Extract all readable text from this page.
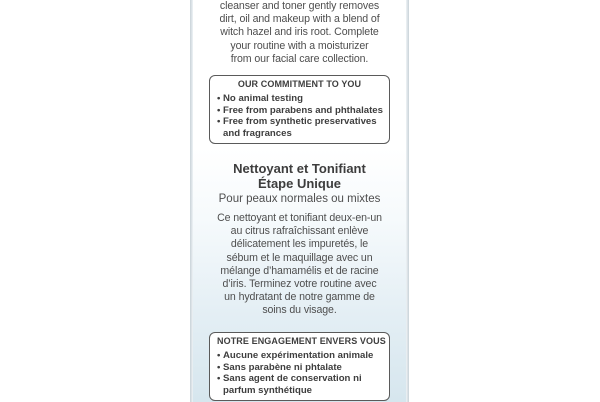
cleanser and toner gently removes
dirt, oil and makeup with a blend of
witch hazel and iris root. Complete
your routine with a moisturizer
from our facial care collection.

OUR COMMITMENT TO YOU
• No animal testing
• Free from parabens and phthalates
• Free from synthetic preservatives
and fragrances
Nettoyant et Tonifiant
Étape Unique
Pour peaux normales ou mixtes

Ce nettoyant et tonifiant deux-en-un
au citrus rafraîchissant enlève
délicatement les impuretés, le
sébum et le maquillage avec un
mélange d’hamamélis et de racine
d’iris. Terminez votre routine avec
un hydratant de notre gamme de
soins du visage.

NOTRE ENGAGEMENT ENVERS VOUS
• Aucune expérimentation animale
• Sans parabène ni phtalate
• Sans agent de conservation ni
parfum synthétique
